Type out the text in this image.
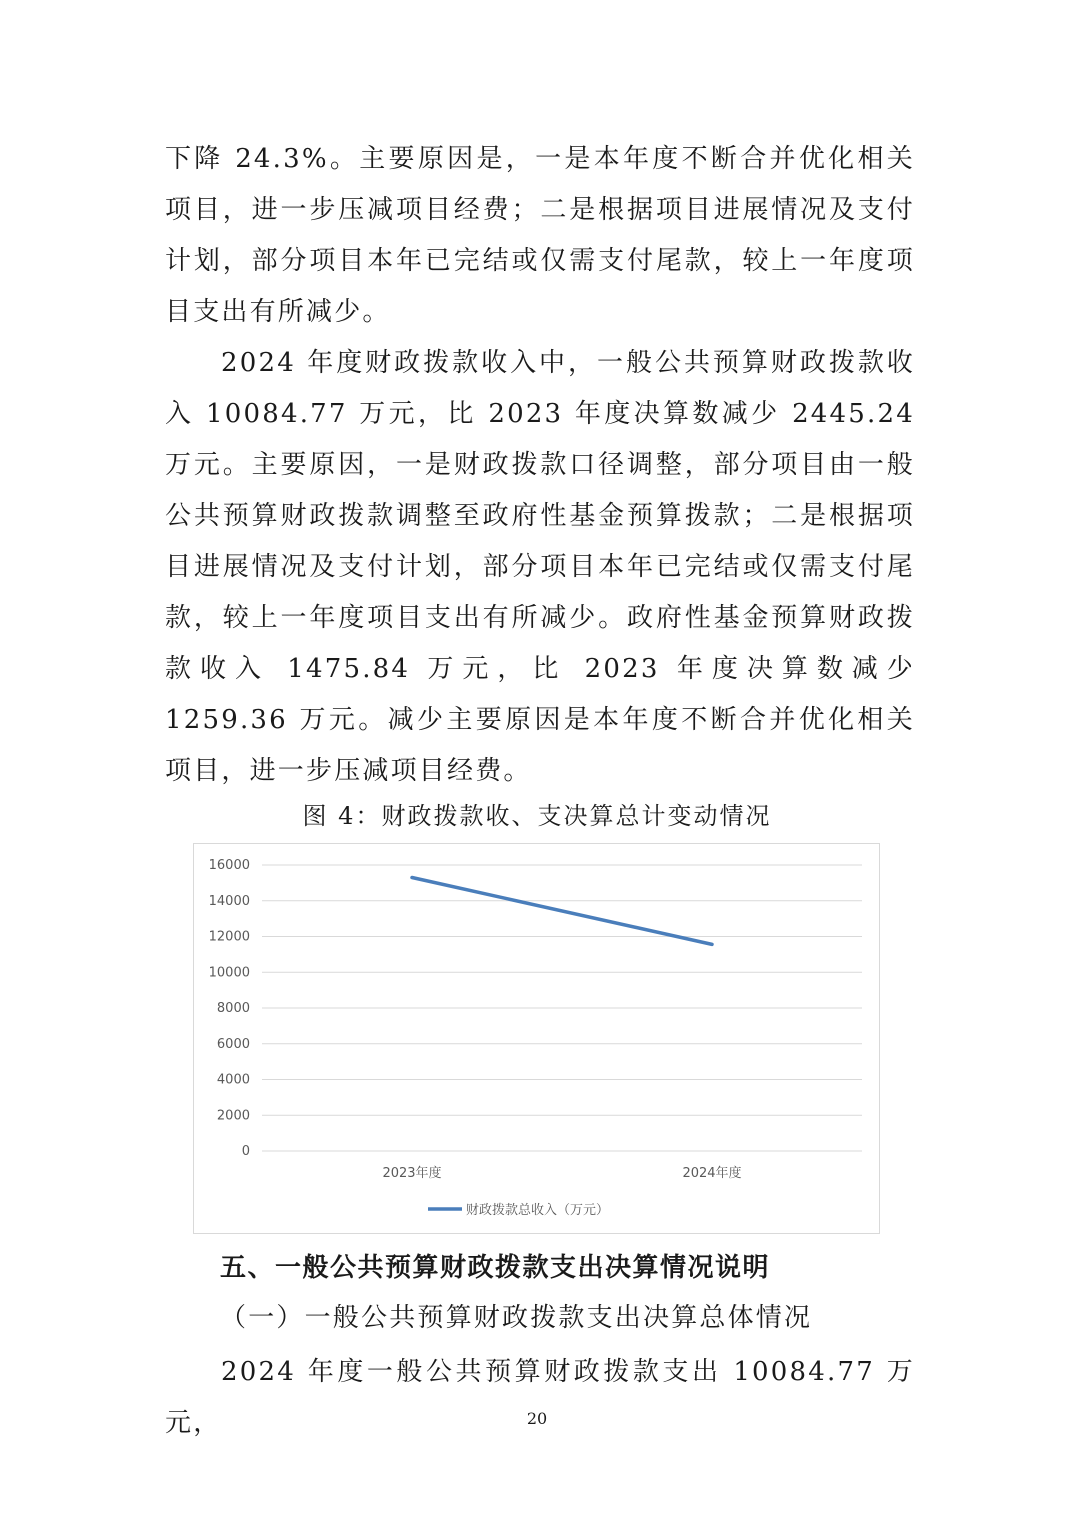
下降 24.3%。主要原因是，一是本年度不断合并优化相关项目，进一步压减项目经费；二是根据项目进展情况及支付计划，部分项目本年已完结或仅需支付尾款，较上一年度项目支出有所减少。

2024 年度财政拨款收入中，一般公共预算财政拨款收入 10084.77 万元，比 2023 年度决算数减少 2445.24 万元。主要原因，一是财政拨款口径调整，部分项目由一般公共预算财政拨款调整至政府性基金预算拨款；二是根据项目进展情况及支付计划，部分项目本年已完结或仅需支付尾款，较上一年度项目支出有所减少。政府性基金预算财政拨款收入 1475.84 万元，比 2023 年度决算数减少 1259.36 万元。减少主要原因是本年度不断合并优化相关项目，进一步压减项目经费。

图 4：财政拨款收、支决算总计变动情况

0
2000
4000
6000
8000
10000
12000
14000
16000
2023年度	2024年度
财政拨款总收入（万元）

五、一般公共预算财政拨款支出决算情况说明

（一）一般公共预算财政拨款支出决算总体情况

2024 年度一般公共预算财政拨款支出 10084.77 万元，	20
